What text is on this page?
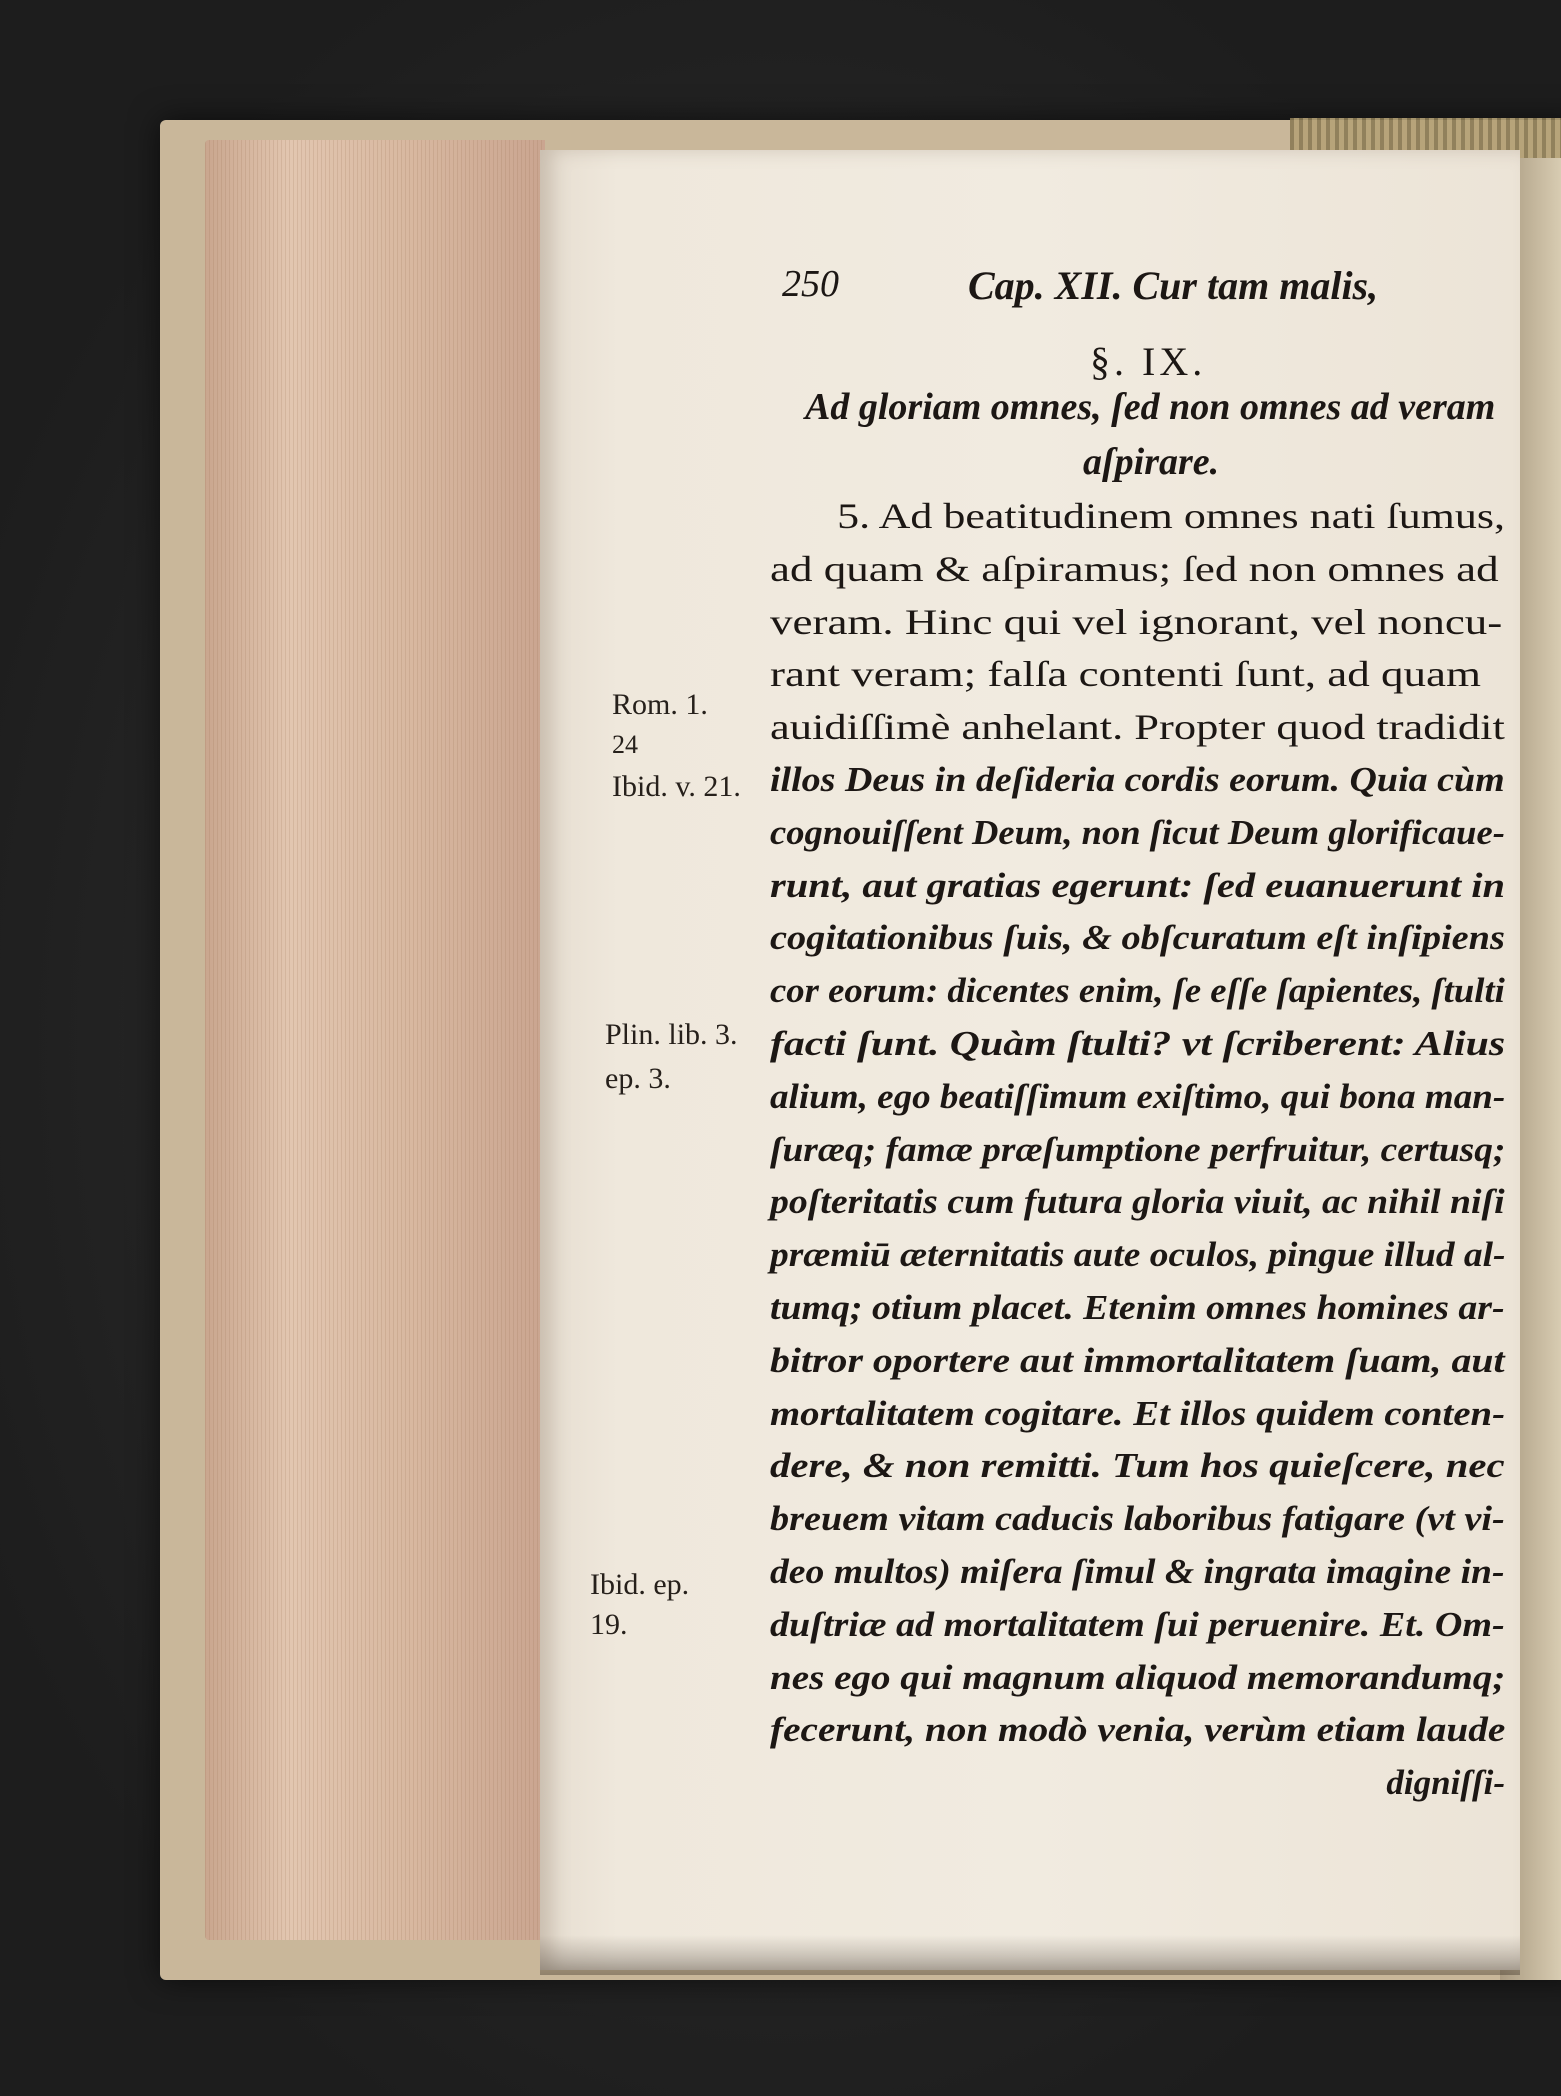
250	Cap. XII. Cur tam malis,
§. IX.
Ad gloriam omnes, ſed non omnes ad veram
aſpirare.
5. Ad beatitudinem omnes nati ſumus,
ad quam & aſpiramus; ſed non omnes ad
veram. Hinc qui vel ignorant, vel noncu-
rant veram; falſa contenti ſunt, ad quam
auidiſſimè anhelant. Propter quod tradidit
illos Deus in deſideria cordis eorum. Quia cùm
cognouiſſent Deum, non ſicut Deum glorificaue-
runt, aut gratias egerunt: ſed euanuerunt in
cogitationibus ſuis, & obſcuratum eſt inſipiens
cor eorum: dicentes enim, ſe eſſe ſapientes, ſtulti
facti ſunt. Quàm ſtulti? vt ſcriberent: Alius
alium, ego beatiſſimum exiſtimo, qui bona man-
ſuræq; famæ præſumptione perfruitur, certusq;
poſteritatis cum futura gloria viuit, ac nihil niſi
præmiū æternitatis aute oculos, pingue illud al-
tumq; otium placet. Etenim omnes homines ar-
bitror oportere aut immortalitatem ſuam, aut
mortalitatem cogitare. Et illos quidem conten-
dere, & non remitti. Tum hos quieſcere, nec
breuem vitam caducis laboribus fatigare (vt vi-
deo multos) miſera ſimul & ingrata imagine in-
duſtriæ ad mortalitatem ſui peruenire. Et. Om-
nes ego qui magnum aliquod memorandumq;
fecerunt, non modò venia, verùm etiam laude
digniſſi-
Rom. 1.
24
Ibid. v. 21.
Plin. lib. 3.
ep. 3.
Ibid. ep.
19.
